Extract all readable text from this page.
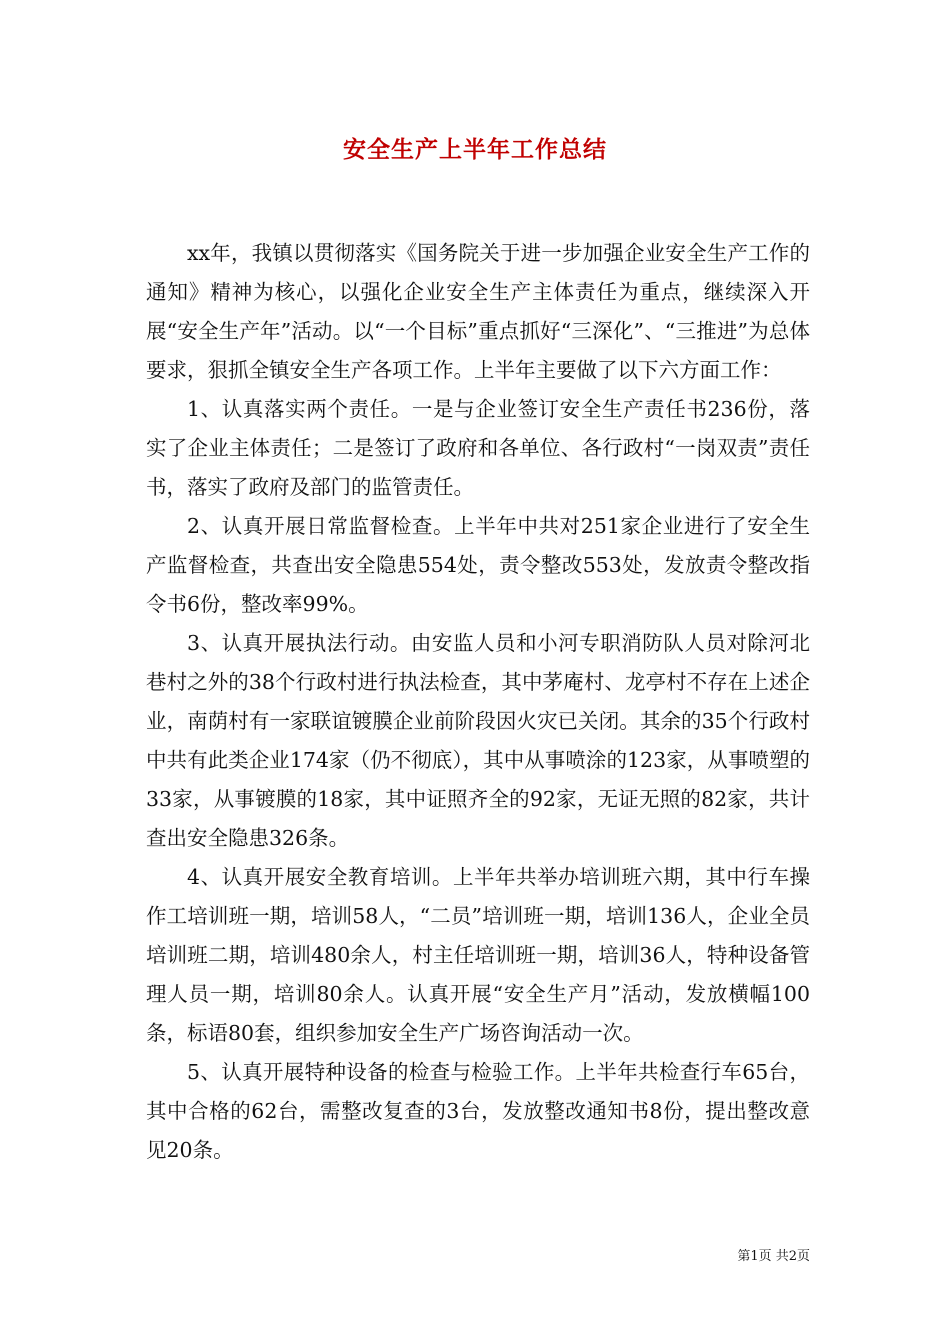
安全生产上半年工作总结

xx年，我镇以贯彻落实《国务院关于进一步加强企业安全生产工作的通知》精神为核心，以强化企业安全生产主体责任为重点，继续深入开展“安全生产年”活动。以“一个目标”重点抓好“三深化”、“三推进”为总体要求，狠抓全镇安全生产各项工作。上半年主要做了以下六方面工作：

1、认真落实两个责任。一是与企业签订安全生产责任书236份，落实了企业主体责任；二是签订了政府和各单位、各行政村“一岗双责”责任书，落实了政府及部门的监管责任。

2、认真开展日常监督检查。上半年中共对251家企业进行了安全生产监督检查，共查出安全隐患554处，责令整改553处，发放责令整改指令书6份，整改率99%。

3、认真开展执法行动。由安监人员和小河专职消防队人员对除河北巷村之外的38个行政村进行执法检查，其中茅庵村、龙亭村不存在上述企业，南荫村有一家联谊镀膜企业前阶段因火灾已关闭。其余的35个行政村中共有此类企业174家（仍不彻底），其中从事喷涂的123家，从事喷塑的33家，从事镀膜的18家，其中证照齐全的92家，无证无照的82家，共计查出安全隐患326条。

4、认真开展安全教育培训。上半年共举办培训班六期，其中行车操作工培训班一期，培训58人，“二员”培训班一期，培训136人，企业全员培训班二期，培训480余人，村主任培训班一期，培训36人，特种设备管理人员一期，培训80余人。认真开展“安全生产月”活动，发放横幅100条，标语80套，组织参加安全生产广场咨询活动一次。

5、认真开展特种设备的检查与检验工作。上半年共检查行车65台，其中合格的62台，需整改复查的3台，发放整改通知书8份，提出整改意见20条。

第1页 共2页
